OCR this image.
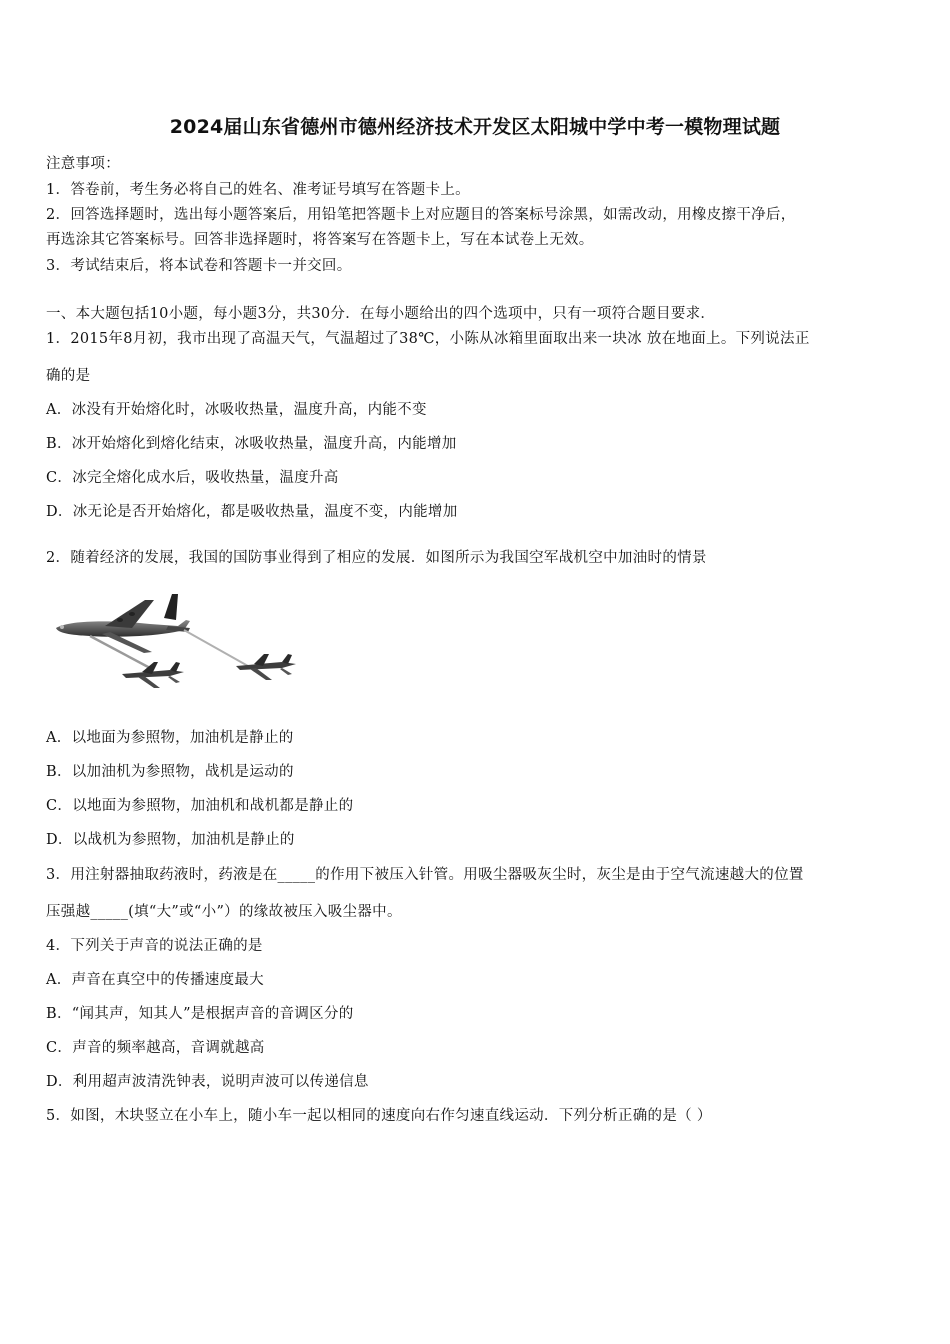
2024届山东省德州市德州经济技术开发区太阳城中学中考一模物理试题
注意事项：
1．答卷前，考生务必将自己的姓名、准考证号填写在答题卡上。
2．回答选择题时，选出每小题答案后，用铅笔把答题卡上对应题目的答案标号涂黑，如需改动，用橡皮擦干净后，
再选涂其它答案标号。回答非选择题时，将答案写在答题卡上，写在本试卷上无效。
3．考试结束后，将本试卷和答题卡一并交回。
一、本大题包括10小题，每小题3分，共30分．在每小题给出的四个选项中，只有一项符合题目要求．
1．2015年8月初，我市出现了高温天气，气温超过了38℃，小陈从冰箱里面取出来一块冰 放在地面上。下列说法正
确的是
A．冰没有开始熔化时，冰吸收热量，温度升高，内能不变
B．冰开始熔化到熔化结束，冰吸收热量，温度升高，内能增加
C．冰完全熔化成水后，吸收热量，温度升高
D．冰无论是否开始熔化，都是吸收热量，温度不变，内能增加
2．随着经济的发展，我国的国防事业得到了相应的发展．如图所示为我国空军战机空中加油时的情景
A．以地面为参照物，加油机是静止的
B．以加油机为参照物，战机是运动的
C．以地面为参照物，加油机和战机都是静止的
D．以战机为参照物，加油机是静止的
3．用注射器抽取药液时，药液是在_____的作用下被压入针管。用吸尘器吸灰尘时，灰尘是由于空气流速越大的位置
压强越_____(填“大”或“小”）的缘故被压入吸尘器中。
4．下列关于声音的说法正确的是
A．声音在真空中的传播速度最大
B．“闻其声，知其人”是根据声音的音调区分的
C．声音的频率越高，音调就越高
D．利用超声波清洗钟表，说明声波可以传递信息
5．如图，木块竖立在小车上，随小车一起以相同的速度向右作匀速直线运动．下列分析正确的是（ ）
